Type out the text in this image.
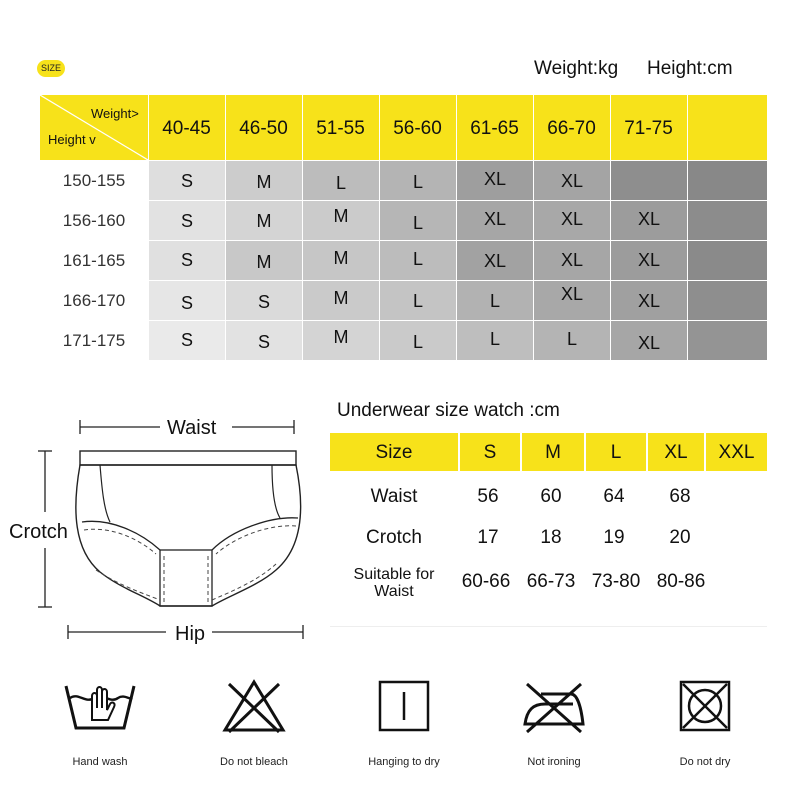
SIZE	Weight:kg Height:cm
Weight>
Height v
40-45	46-50	51-55	56-60	61-65	66-70	71-75
150-155	S	M	L	L	XL	XL
156-160	S	M	M	L	XL	XL	XL
161-165	S	M	M	L	XL	XL	XL
166-170	S	S	M	L	L	XL	XL
171-175	S	S	M	L	L	L	XL
Waist
Crotch
Hip
Underwear size watch :cm
Size	S	M	L	XL	XXL
Waist	56	60	64	68
Crotch	17	18	19	20
Suitable for
Waist	60-66 66-73 73-80 80-86
Hand wash	Do not bleach	Hanging to dry	Not ironing	Do not dry
